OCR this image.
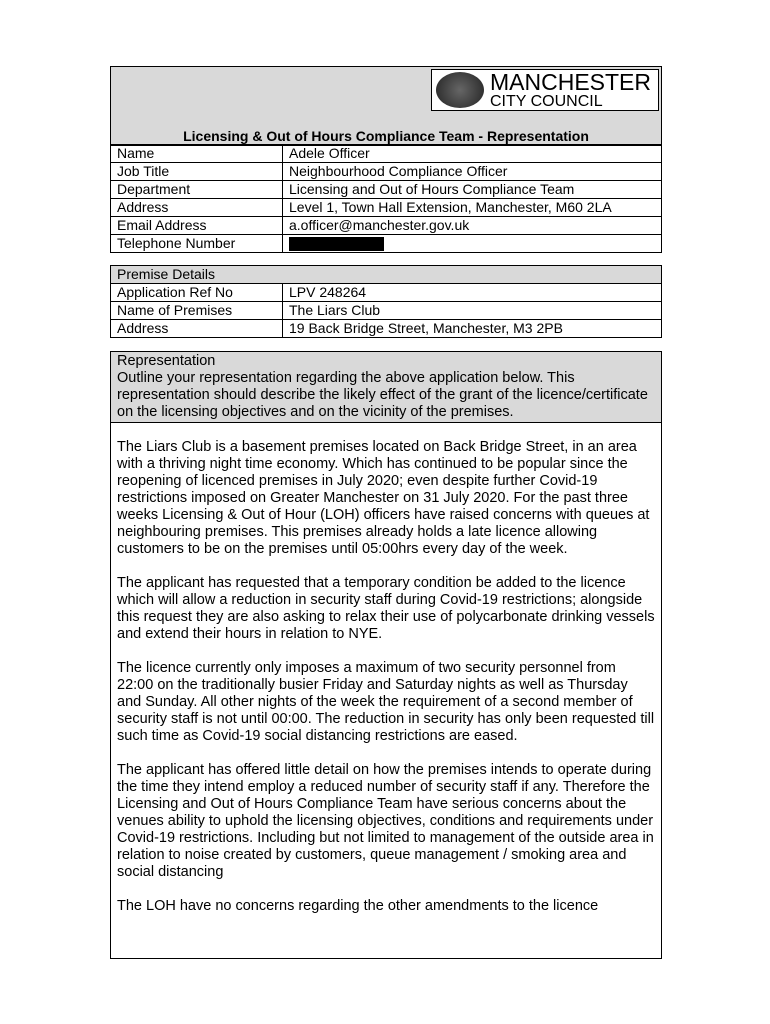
MANCHESTER
CITY COUNCIL
Licensing & Out of Hours Compliance Team - Representation
Name	Adele Officer
Job Title	Neighbourhood Compliance Officer
Department	Licensing and Out of Hours Compliance Team
Address	Level 1, Town Hall Extension, Manchester, M60 2LA
Email Address	a.officer@manchester.gov.uk
Telephone Number
Premise Details
Application Ref No	LPV 248264
Name of Premises	The Liars Club
Address	19 Back Bridge Street, Manchester, M3 2PB
Representation
Outline your representation regarding the above application below. This representation should describe the likely effect of the grant of the licence/certificate on the licensing objectives and on the vicinity of the premises.

The Liars Club is a basement premises located on Back Bridge Street, in an area with a thriving night time economy. Which has continued to be popular since the reopening of licenced premises in July 2020; even despite further Covid-19 restrictions imposed on Greater Manchester on 31 July 2020. For the past three weeks Licensing & Out of Hour (LOH) officers have raised concerns with queues at neighbouring premises. This premises already holds a late licence allowing customers to be on the premises until 05:00hrs every day of the week.

The applicant has requested that a temporary condition be added to the licence which will allow a reduction in security staff during Covid-19 restrictions; alongside this request they are also asking to relax their use of polycarbonate drinking vessels and extend their hours in relation to NYE.

The licence currently only imposes a maximum of two security personnel from 22:00 on the traditionally busier Friday and Saturday nights as well as Thursday and Sunday. All other nights of the week the requirement of a second member of security staff is not until 00:00. The reduction in security has only been requested till such time as Covid-19 social distancing restrictions are eased.

The applicant has offered little detail on how the premises intends to operate during the time they intend employ a reduced number of security staff if any. Therefore the Licensing and Out of Hours Compliance Team have serious concerns about the venues ability to uphold the licensing objectives, conditions and requirements under Covid-19 restrictions. Including but not limited to management of the outside area in relation to noise created by customers, queue management / smoking area and social distancing

The LOH have no concerns regarding the other amendments to the licence
